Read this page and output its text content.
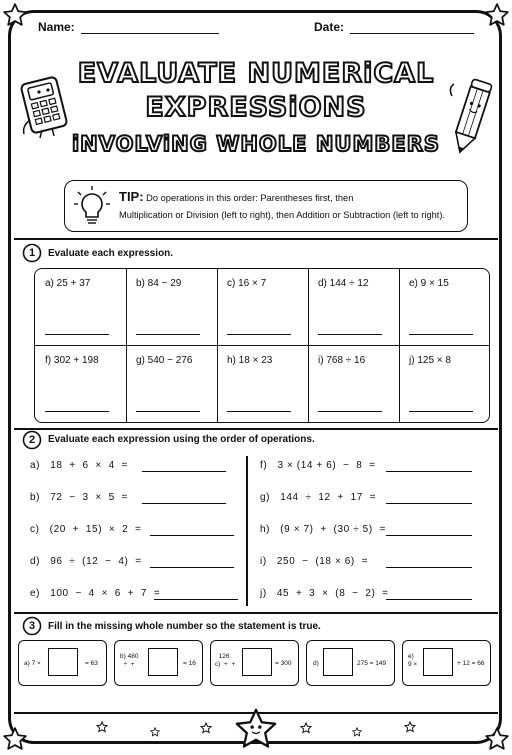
Name:	Date:
EVALUATE NUMERiCAL
EXPRESSiONS
iNVOLViNG WHOLE NUMBERS
TIP: Do operations in this order: Parentheses first, then
Multiplication or Division (left to right), then Addition or Subtraction (left to right).
1	Evaluate each expression.
a) 25 + 37	b) 84 − 29	c) 16 × 7	d) 144 ÷ 12	e) 9 × 15
f) 302 + 198	g) 540 − 276	h) 18 × 23	i) 768 ÷ 16	j) 125 × 8
2	Evaluate each expression using the order of operations.
a)   18  +  6  ×  4  =
b)   72  −  3  ×  5  =
c)   (20  +  15)  ×  2  =
d)   96  ÷  (12  −  4)  =
e)   100  −  4  ×  6  +  7  =
f)   3 × (14 + 6)  −  8  =
g)   144  ÷  12  +  17  =
h)   (9 × 7)  +  (30 ÷ 5)  =
i)   250  −  (18 × 6)  =
j)   45  +  3  ×  (8  −  2)  =
3	Fill in the missing whole number so the statement is true.
a) 7 ×	= 63
b) 480
÷  +	= 16
126
c)  +  +	= 300	d)	275 = 149
e)
9 ×	+ 12 = 66
